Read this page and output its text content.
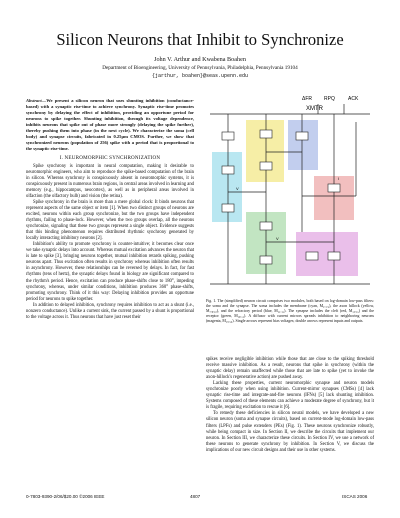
Silicon Neurons that Inhibit to Synchronize
John V. Arthur and Kwabena Boahen
Department of Bioengineering, University of Pennsylvania, Philadelphia, Pennsylvania 19104
{jarthur, boahen}@seas.upenn.edu
Abstract—We present a silicon neuron that uses shunting inhibition (conductance-based) with a synaptic rise-time to achieve synchrony. Synaptic rise-time promotes synchrony by delaying the effect of inhibition, providing an opportune period for neurons to spike together. Shunting inhibition, through its voltage dependence, inhibits neurons that spike out of phase more strongly (delaying the spike further), thereby pushing them into phase (in the next cycle). We characterize the soma (cell body) and synapse circuits, fabricated in 0.25µm CMOS. Further, we show that synchronized neurons (population of 256) spike with a period that is proportional to the synaptic rise-time.
I. NEUROMORPHIC SYNCHRONIZATION

Spike synchrony is important in neural computation, making it desirable to neuromorphic engineers, who aim to reproduce the spike-based computation of the brain in silicon. Whereas synchrony is conspicuously absent in neuromorphic systems, it is conspicuously present in numerous brain regions, in central areas involved in learning and memory (e.g., hippocampus, neocortex), as well as in peripheral areas involved in olfaction (the olfactory bulb) and vision (the retina).

Spike synchrony in the brain is more than a mere global clock: It binds neurons that represent aspects of the same object or item [1]. When two distinct groups of neurons are excited, neurons within each group synchronize, but the two groups have independent rhythms, failing to phase-lock. However, when the two groups overlap, all the neurons synchronize, signaling that these two groups represent a single object. Evidence suggests that this binding phenomenon requires distributed rhythmic synchrony generated by locally interacting inhibitory neurons [2].

Inhibition's ability to promote synchrony is counter-intuitive; it becomes clear once we take synaptic delays into account. Whereas mutual excitation advances the neuron that is late to spike [3], bringing neurons together, mutual inhibition retards spiking, pushing neurons apart. Thus excitation often results in synchrony whereas inhibition often results in asynchrony. However, these relationships can be reversed by delays. In fact, for fast rhythms (tens of hertz), the synaptic delays found in biology are significant compared to the rhythm's period. Hence, excitation can produce phase-shifts close to 180°, impeding synchrony, whereas, under similar conditions, inhibition produces 360° phase-shifts, promoting synchrony. Think of it this way: Delaying inhibition provides an opportune period for neurons to spike together.

In addition to delayed inhibition, synchrony requires inhibition to act as a shunt (i.e., nonzero conductance). Unlike a current sink, the current passed by a shunt is proportional to the voltage across it. Thus neurons that have just reset their

ΔFR RPQ	ACK
XMTR
V
I
V
Fig. 1. The (simplified) neuron circuit comprises two modules, both based on log-domain low-pass filters: the soma and the synapse. The soma includes the membrane (cyan, M₁,₃,₅), the axon hillock (yellow, M₇,₈,₁₀), and the refractory period (blue, M₁₁,₁₂). The synapse includes the cleft (red, M₁₃,₁₅) and the receptor (green, M₁₈,₂₁). A diffusor with current mirrors spreads inhibition to neighboring neurons (magenta, M₁₉,₂₀). Single arrows represent bias voltages; double arrows represent inputs and outputs.

spikes receive negligible inhibition while those that are close to the spiking threshold receive massive inhibition. As a result, neurons that spike in synchrony (within the synaptic delay) remain unaffected while those that are late to spike (yet to invoke the axon-hillock's regenerative action) are pushed away.

Lacking these properties, current neuromorphic synapse and neuron models synchronize poorly when using inhibition. Current-mirror synapses (CMSs) [4] lack synaptic rise-time and integrate-and-fire neurons (IFNs) [5] lack shunting inhibition. Systems composed of these elements can achieve a moderate degree of synchrony, but it is fragile, requiring excitation to rescue it [6].

To remedy these deficiencies in silicon neural models, we have developed a new silicon neuron (soma and synapse circuits), based on current-mode log-domain low-pass filters (LPFs) and pulse extenders (PEs) (Fig. 1). These neurons synchronize robustly, while being compact in size. In Section II, we describe the circuits that implement our neuron. In Section III, we characterize these circuits. In Section IV, we use a network of these neurons to generate synchrony by inhibition. In Section V, we discuss the implications of our new circuit designs and their use in other systems.

0-7803-9390-2/06/$20.00 ©2006 IEEE	4807	ISCAS 2006
